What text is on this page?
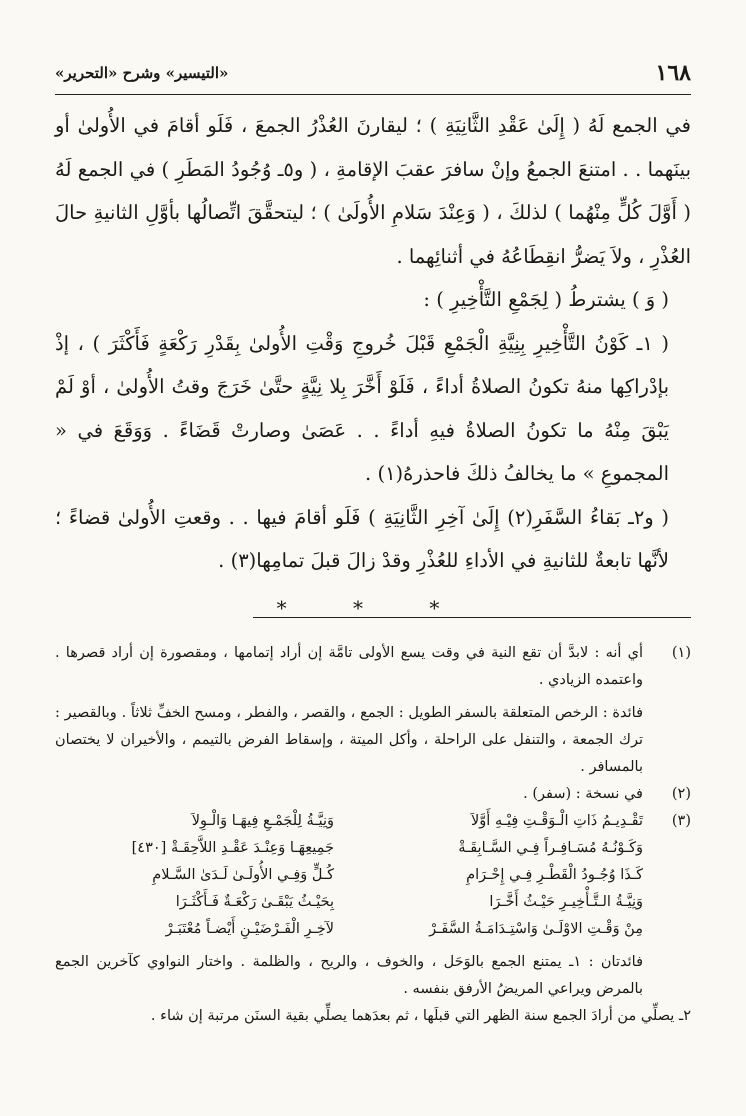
١٦٨
«التيسير» وشرح «التحرير»

في الجمع لَهُ ( إِلَىٰ عَقْدِ الثَّانِيَةِ ) ؛ ليقارنَ العُذْرُ الجمعَ ، فَلَو أقامَ في الأُولىٰ أو بينَهما . . امتنعَ الجمعُ وإنْ سافرَ عقبَ الإقامةِ ، ( و٥ـ وُجُودُ المَطَرِ ) في الجمع لَهُ ( أَوَّلَ كُلٍّ مِنْهُما ) لذلكَ ، ( وَعِنْدَ سَلامِ الأُولَىٰ ) ؛ ليتحقَّقَ اتِّصالُها بأوَّلِ الثانيةِ حالَ العُذْرِ ، ولاَ يَضرُّ انقِطَاعُهُ في أثنائِهما .

( وَ ) يشترطُ ( لِجَمْعِ التَّأْخِيرِ ) :

( ١ـ كَوْنُ التَّأْخِيرِ بِنِيَّةِ الْجَمْعِ قَبْلَ خُروجِ وَقْتِ الأُولىٰ بِقَدْرِ رَكْعَةٍ فَأَكْثَرَ ) ، إذْ بإدْراكِها منهُ تكونُ الصلاةُ أداءً ، فَلَوْ أَخَّرَ بِلا نِيَّةٍ حتَّىٰ خَرَجَ وقتُ الأُولىٰ ، أوْ لَمْ يَبْقَ مِنْهُ ما تكونُ الصلاةُ فيهِ أداءً . . عَصَىٰ وصارتْ قَضَاءً . وَوَقَعَ في « المجموعِ » ما يخالفُ ذلكَ فاحذرهُ(١) .

( و٢ـ بَقاءُ السَّفَرِ(٢) إِلَىٰ آخِرِ الثَّانِيَةِ ) فَلَو أقامَ فيها . . وقعتِ الأُولىٰ قضاءً ؛ لأنَّها تابعةٌ للثانيةِ في الأداءِ للعُذْرِ وقدْ زالَ قبلَ تمامِها(٣) .

* * *
(١)

أي أنه : لابدَّ أن تقع النية في وقت يسع الأولى تامَّة إن أراد إتمامها ، ومقصورة إن أراد قصرها . واعتمده الزيادي .

فائدة : الرخص المتعلقة بالسفر الطويل : الجمع ، والقصر ، والفطر ، ومسح الخفِّ ثلاثاً . وبالقصير : ترك الجمعة ، والتنفل على الراحلة ، وأكل الميتة ، وإسقاط الفرض بالتيمم ، والأخيران لا يختصان بالمسافر .

(٢)

في نسخة : (سفر) .

(٣)
تَقْـدِيـمُ ذَاتِ الْـوَقْـتِ فِيْـهِ أَوَّلاَ
وَنِيَّـةُ لِلْجَمْـعِ فِيهَـا وَالْـوِلاَ
وَكَـوْنُـهُ مُسَـافِـراً فِـي السَّـابِقَـةْ
جَمِيعِهَـا وَعِنْـدَ عَقْـدِ اللاَّحِقَـةْ [٤٣٠]
كَـذَا وُجُـودُ الْقَطْـرِ فِـي إِحْـرَامِ
كُـلٍّ وَفِـي الأُولَـىٰ لَـدَىٰ السَّـلامِ
وَنِيَّـةُ الـتَّـأْخِيـرِ حَيْـثُ أَخَّـرَا
بِحَيْـثُ يَبْقَـىٰ رَكْعَـةٌ فَـأَكْثَـرَا
مِنْ وَقْـتِ الاوْلَـىٰ وَاسْتِـدَامَـةُ السَّفَـرْ
لآخِـرِ الْفَـرْضَيْـنِ أَيْضـاً مُعْتَبَـرْ

فائدتان : ١ـ يمتنع الجمع بالوَحَل ، والخوف ، والريح ، والظلمة . واختار النواوي كآخرين الجمع بالمرض ويراعي المريضُ الأرفق بنفسه .

٢ـ يصلِّي من أرادَ الجمع سنة الظهر التي قبلَها ، ثم بعدَهما يصلِّي بقية السنَن مرتبة إن شاء .
